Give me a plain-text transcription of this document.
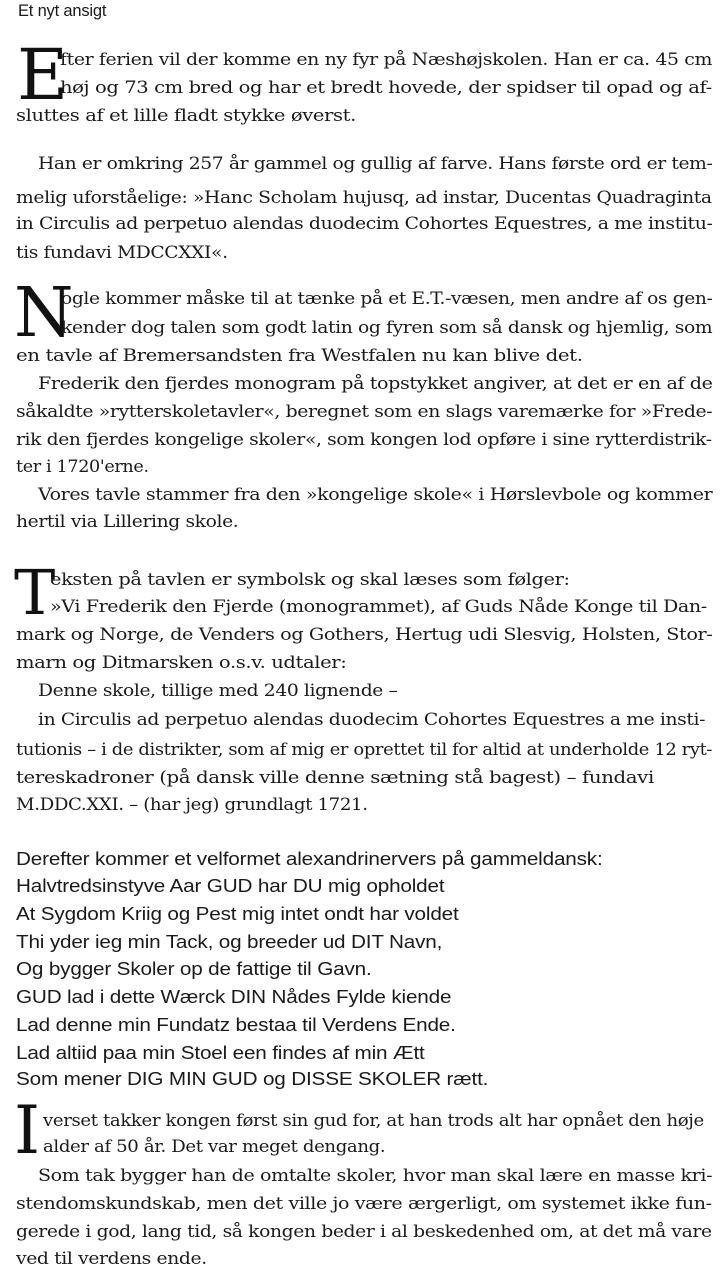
Et nyt ansigt
E
fter ferien vil der komme en ny fyr på Næshøjskolen. Han er ca. 45 cm
høj og 73 cm bred og har et bredt hovede, der spidser til opad og af-
sluttes af et lille fladt stykke øverst.
Han er omkring 257 år gammel og gullig af farve. Hans første ord er tem-
melig uforståelige: »Hanc Scholam hujusq, ad instar, Ducentas Quadraginta
in Circulis ad perpetuo alendas duodecim Cohortes Equestres, a me institu-
tis fundavi MDCCXXI«.
N
ogle kommer måske til at tænke på et E.T.-væsen, men andre af os gen-
kender dog talen som godt latin og fyren som så dansk og hjemlig, som
en tavle af Bremersandsten fra Westfalen nu kan blive det.
Frederik den fjerdes monogram på topstykket angiver, at det er en af de
såkaldte »rytterskoletavler«, beregnet som en slags varemærke for »Frede-
rik den fjerdes kongelige skoler«, som kongen lod opføre i sine rytterdistrik-
ter i 1720'erne.
Vores tavle stammer fra den »kongelige skole« i Hørslevbole og kommer
hertil via Lillering skole.
T
eksten på tavlen er symbolsk og skal læses som følger:
»Vi Frederik den Fjerde (monogrammet), af Guds Nåde Konge til Dan-
mark og Norge, de Venders og Gothers, Hertug udi Slesvig, Holsten, Stor-
marn og Ditmarsken o.s.v. udtaler:
Denne skole, tillige med 240 lignende –
in Circulis ad perpetuo alendas duodecim Cohortes Equestres a me insti-
tutionis – i de distrikter, som af mig er oprettet til for altid at underholde 12 ryt-
tereskadroner (på dansk ville denne sætning stå bagest) – fundavi
M.DDC.XXI. – (har jeg) grundlagt 1721.
Derefter kommer et velformet alexandrinervers på gammeldansk:
Halvtredsinstyve Aar GUD har DU mig opholdet
At Sygdom Kriig og Pest mig intet ondt har voldet
Thi yder ieg min Tack, og breeder ud DIT Navn,
Og bygger Skoler op de fattige til Gavn.
GUD lad i dette Wærck DIN Nådes Fylde kiende
Lad denne min Fundatz bestaa til Verdens Ende.
Lad altiid paa min Stoel een findes af min Ætt
Som mener DIG MIN GUD og DISSE SKOLER rætt.
I verset takker kongen først sin gud for, at han trods alt har opnået den høje
alder af 50 år. Det var meget dengang.
Som tak bygger han de omtalte skoler, hvor man skal lære en masse kri-
stendomskundskab, men det ville jo være ærgerligt, om systemet ikke fun-
gerede i god, lang tid, så kongen beder i al beskedenhed om, at det må vare
ved til verdens ende.
